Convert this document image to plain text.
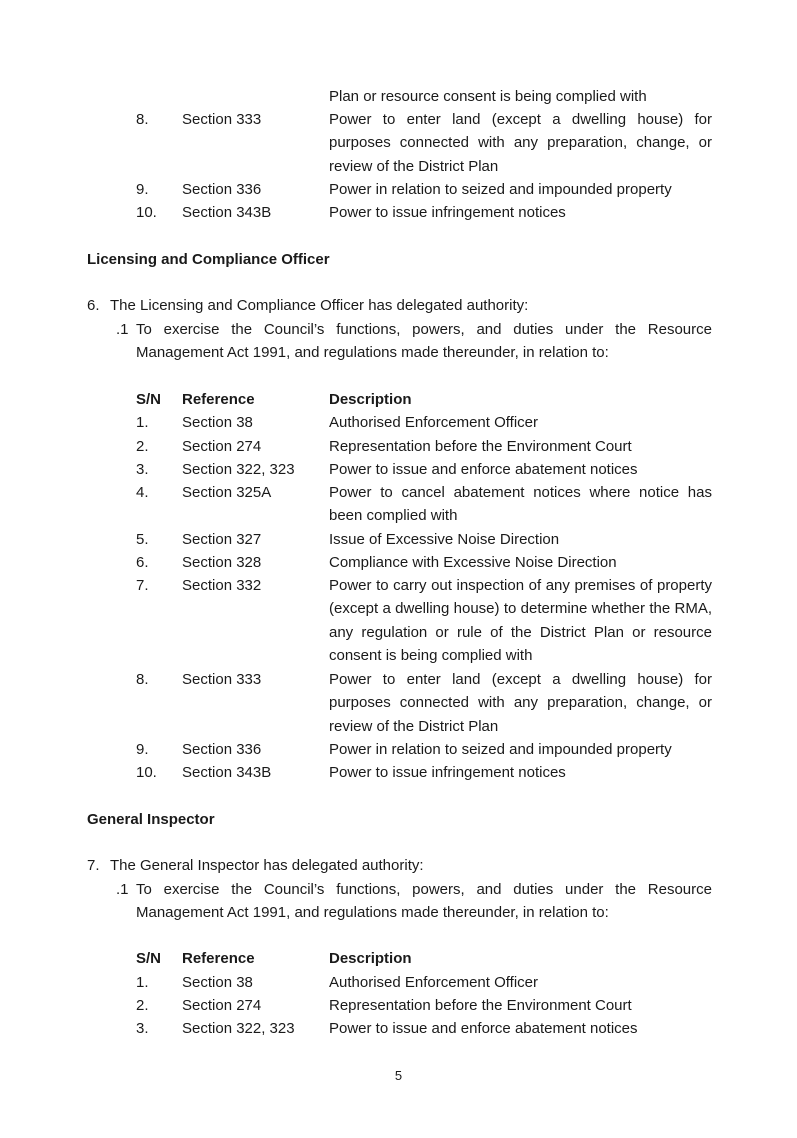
Plan or resource consent is being complied with
8. Section 333	Power to enter land (except a dwelling house) for purposes connected with any preparation, change, or review of the District Plan
9. Section 336	Power in relation to seized and impounded property
10. Section 343B	Power to issue infringement notices
Licensing and Compliance Officer
6. The Licensing and Compliance Officer has delegated authority:
.1 To exercise the Council’s functions, powers, and duties under the Resource Management Act 1991, and regulations made thereunder, in relation to:
S/N Reference	Description
1. Section 38	Authorised Enforcement Officer
2. Section 274	Representation before the Environment Court
3. Section 322, 323 Power to issue and enforce abatement notices
4. Section 325A	Power to cancel abatement notices where notice has been complied with
5. Section 327	Issue of Excessive Noise Direction
6. Section 328	Compliance with Excessive Noise Direction
7. Section 332	Power to carry out inspection of any premises of property (except a dwelling house) to determine whether the RMA, any regulation or rule of the District Plan or resource consent is being complied with
8. Section 333	Power to enter land (except a dwelling house) for purposes connected with any preparation, change, or review of the District Plan
9. Section 336	Power in relation to seized and impounded property
10. Section 343B	Power to issue infringement notices
General Inspector
7. The General Inspector has delegated authority:
.1 To exercise the Council’s functions, powers, and duties under the Resource Management Act 1991, and regulations made thereunder, in relation to:
S/N Reference	Description
1. Section 38	Authorised Enforcement Officer
2. Section 274	Representation before the Environment Court
3. Section 322, 323 Power to issue and enforce abatement notices
5
